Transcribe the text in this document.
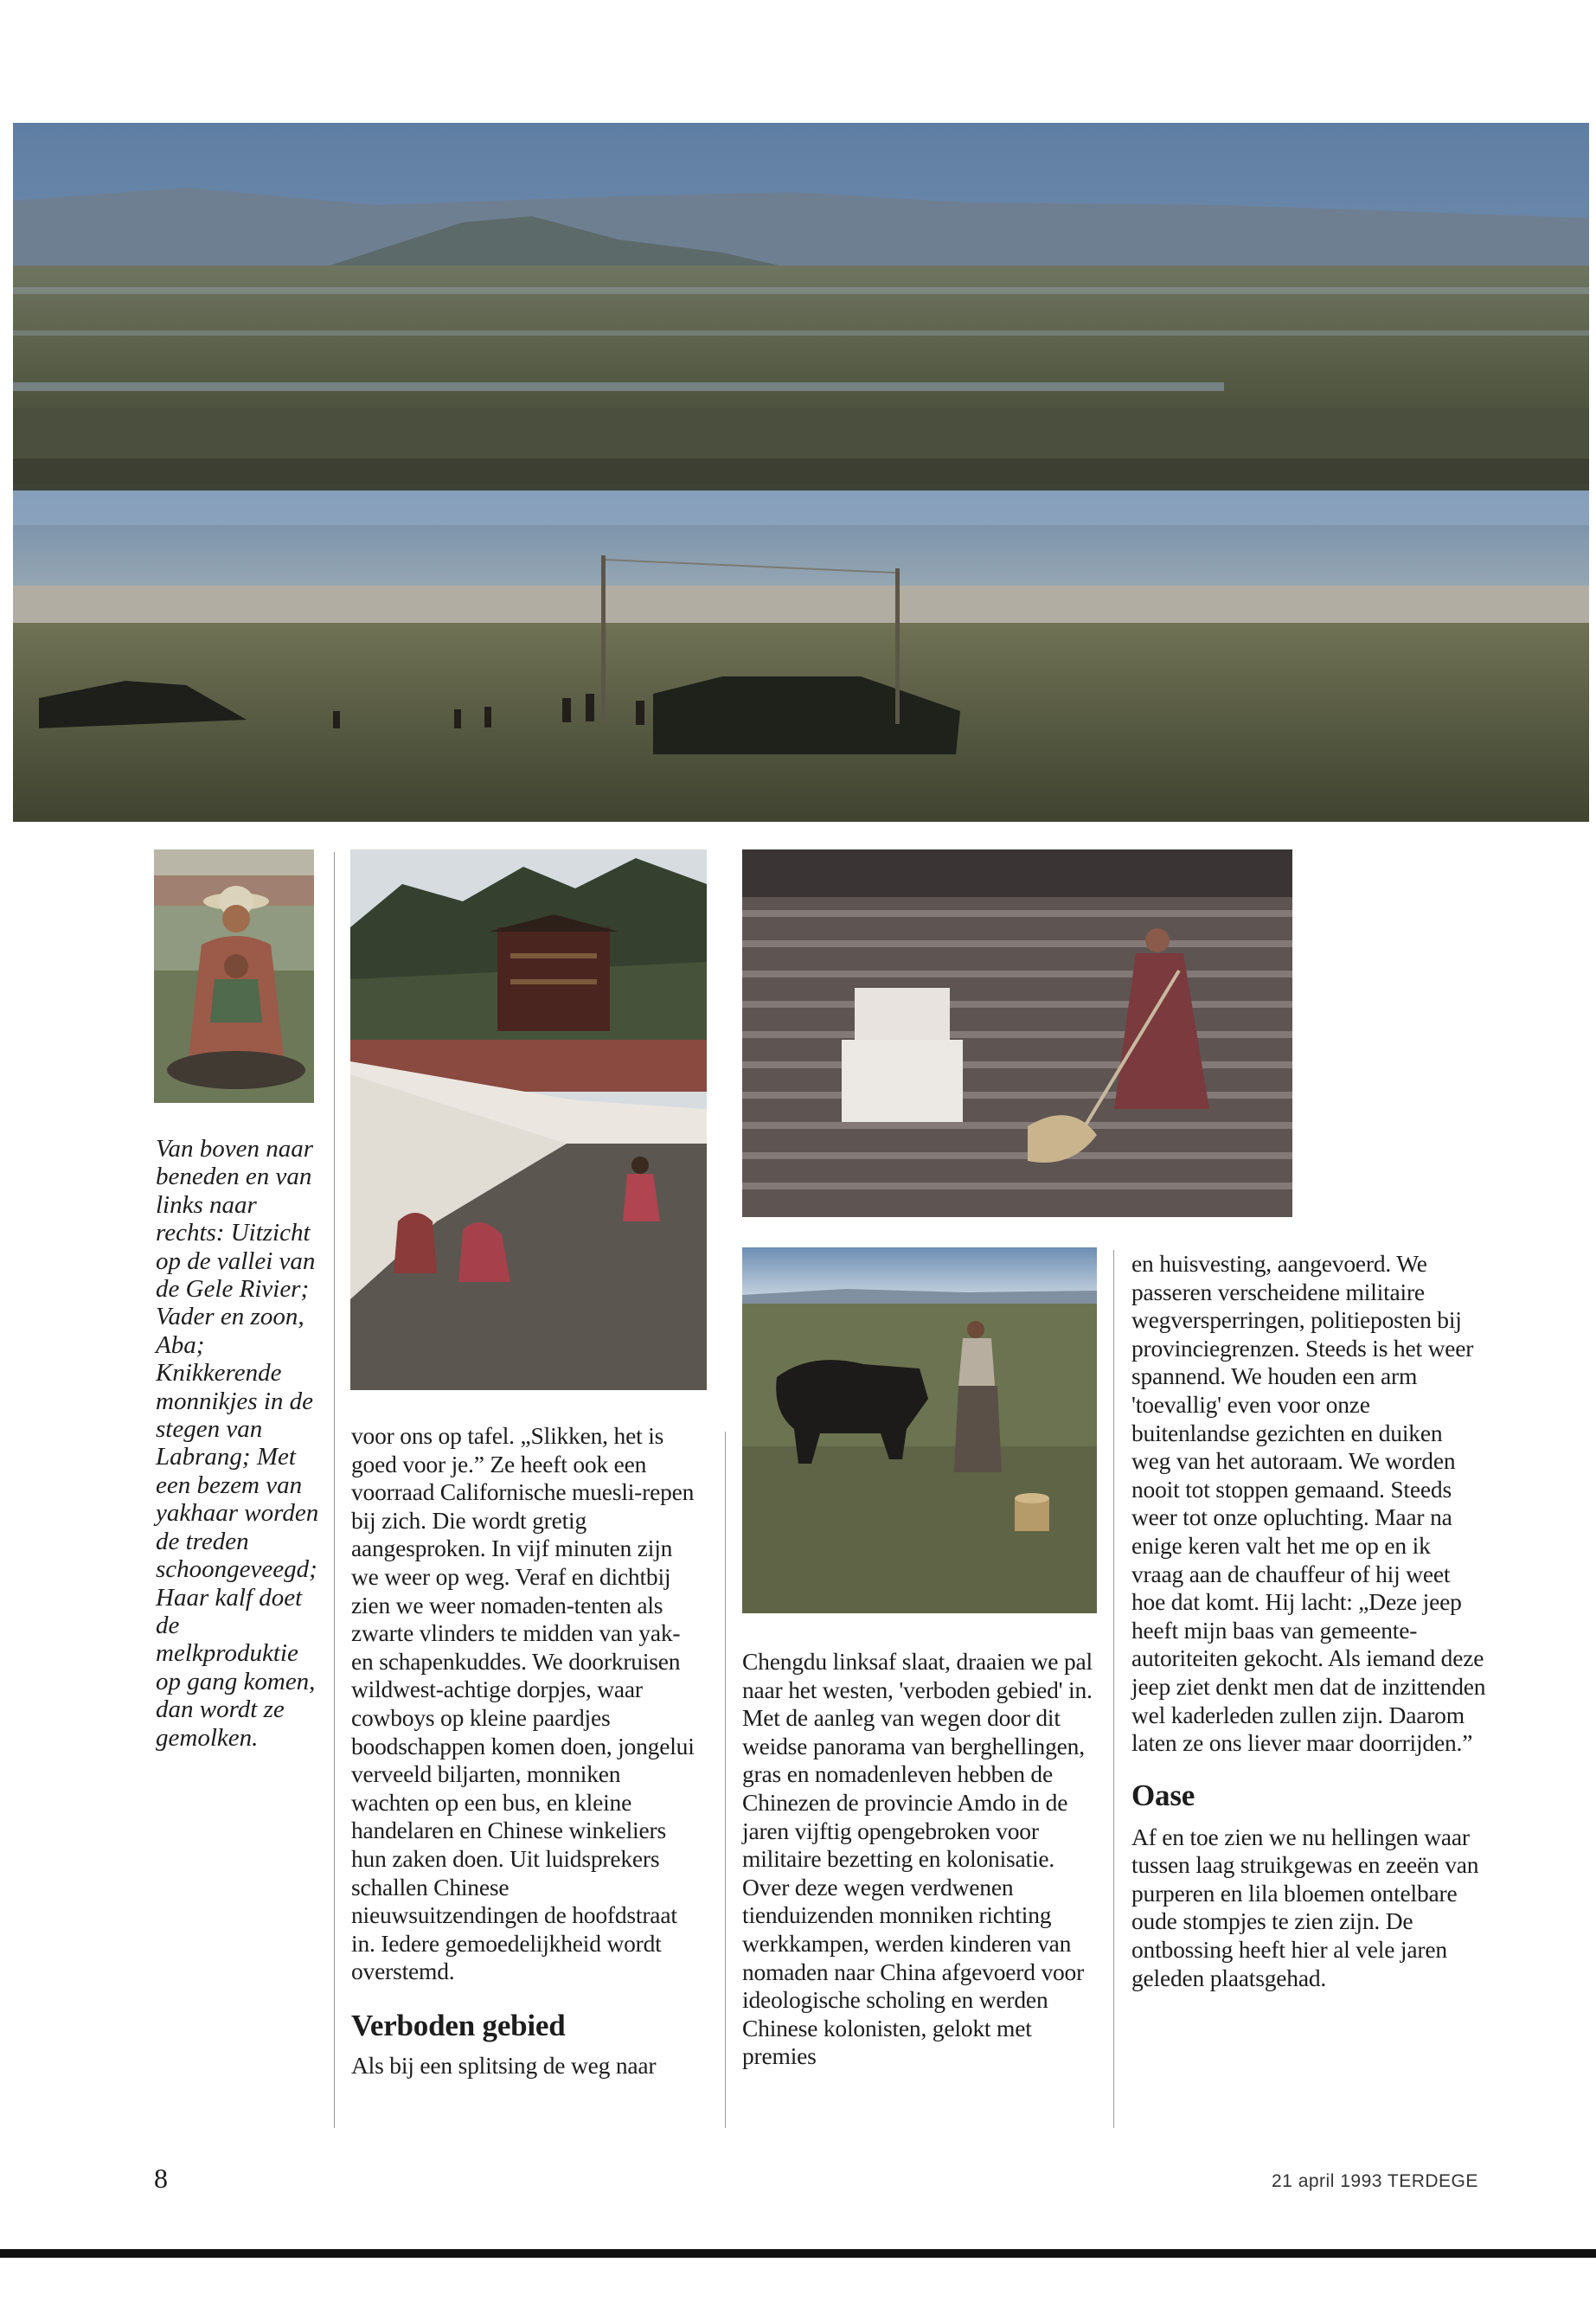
Van boven naar beneden en van links naar rechts: Uitzicht op de vallei van de Gele Rivier; Vader en zoon, Aba; Knikkerende monnikjes in de stegen van Labrang; Met een bezem van yakhaar worden de treden schoongeveegd; Haar kalf doet de melkproduktie op gang komen, dan wordt ze gemolken.

voor ons op tafel. „Slikken, het is goed voor je.” Ze heeft ook een voorraad Californische muesli-repen bij zich. Die wordt gretig aangesproken. In vijf minuten zijn we weer op weg. Veraf en dichtbij zien we weer nomaden-tenten als zwarte vlinders te midden van yak- en schapenkuddes. We doorkruisen wildwest-achtige dorpjes, waar cowboys op kleine paardjes boodschappen komen doen, jongelui verveeld biljarten, monniken wachten op een bus, en kleine handelaren en Chinese winkeliers hun zaken doen. Uit luidsprekers schallen Chinese nieuwsuitzendingen de hoofdstraat in. Iedere gemoedelijkheid wordt overstemd.

Verboden gebied

Als bij een splitsing de weg naar

Chengdu linksaf slaat, draaien we pal naar het westen, 'verboden gebied' in. Met de aanleg van wegen door dit weidse panorama van berghellingen, gras en nomadenleven hebben de Chinezen de provincie Amdo in de jaren vijftig opengebroken voor militaire bezetting en kolonisatie. Over deze wegen verdwenen tienduizenden monniken richting werkkampen, werden kinderen van nomaden naar China afgevoerd voor ideologische scholing en werden Chinese kolonisten, gelokt met premies

en huisvesting, aangevoerd. We passeren verscheidene militaire wegversperringen, politieposten bij provinciegrenzen. Steeds is het weer spannend. We houden een arm 'toevallig' even voor onze buitenlandse gezichten en duiken weg van het autoraam. We worden nooit tot stoppen gemaand. Steeds weer tot onze opluchting. Maar na enige keren valt het me op en ik vraag aan de chauffeur of hij weet hoe dat komt. Hij lacht: „Deze jeep heeft mijn baas van gemeente-autoriteiten gekocht. Als iemand deze jeep ziet denkt men dat de inzittenden wel kaderleden zullen zijn. Daarom laten ze ons liever maar doorrijden.”

Oase

Af en toe zien we nu hellingen waar tussen laag struikgewas en zeeën van purperen en lila bloemen ontelbare oude stompjes te zien zijn. De ontbossing heeft hier al vele jaren geleden plaatsgehad.

8	21 april 1993 TERDEGE
